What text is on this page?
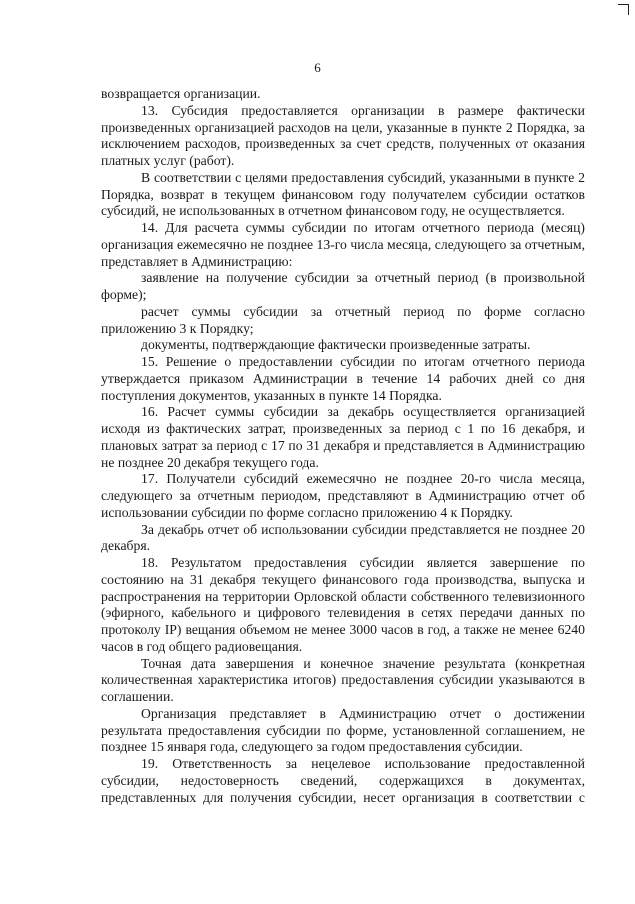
6

возвращается организации.

13. Субсидия предоставляется организации в размере фактически произведенных организацией расходов на цели, указанные в пункте 2 Порядка, за исключением расходов, произведенных за счет средств, полученных от оказания платных услуг (работ).

В соответствии с целями предоставления субсидий, указанными в пункте 2 Порядка, возврат в текущем финансовом году получателем субсидии остатков субсидий, не использованных в отчетном финансовом году, не осуществляется.

14. Для расчета суммы субсидии по итогам отчетного периода (месяц) организация ежемесячно не позднее 13-го числа месяца, следующего за отчетным, представляет в Администрацию:

заявление на получение субсидии за отчетный период (в произвольной форме);

расчет суммы субсидии за отчетный период по форме согласно приложению 3 к Порядку;

документы, подтверждающие фактически произведенные затраты.

15. Решение о предоставлении субсидии по итогам отчетного периода утверждается приказом Администрации в течение 14 рабочих дней со дня поступления документов, указанных в пункте 14 Порядка.

16. Расчет суммы субсидии за декабрь осуществляется организацией исходя из фактических затрат, произведенных за период с 1 по 16 декабря, и плановых затрат за период с 17 по 31 декабря и представляется в Администрацию не позднее 20 декабря текущего года.

17. Получатели субсидий ежемесячно не позднее 20-го числа месяца, следующего за отчетным периодом, представляют в Администрацию отчет об использовании субсидии по форме согласно приложению 4 к Порядку.

За декабрь отчет об использовании субсидии представляется не позднее 20 декабря.

18. Результатом предоставления субсидии является завершение по состоянию на 31 декабря текущего финансового года производства, выпуска и распространения на территории Орловской области собственного телевизионного (эфирного, кабельного и цифрового телевидения в сетях передачи данных по протоколу IP) вещания объемом не менее 3000 часов в год, а также не менее 6240 часов в год общего радиовещания.

Точная дата завершения и конечное значение результата (конкретная количественная характеристика итогов) предоставления субсидии указываются в соглашении.

Организация представляет в Администрацию отчет о достижении результата предоставления субсидии по форме, установленной соглашением, не позднее 15 января года, следующего за годом предоставления субсидии.

19. Ответственность за нецелевое использование предоставленной субсидии, недостоверность сведений, содержащихся в документах, представленных для получения субсидии, несет организация в соответствии с
